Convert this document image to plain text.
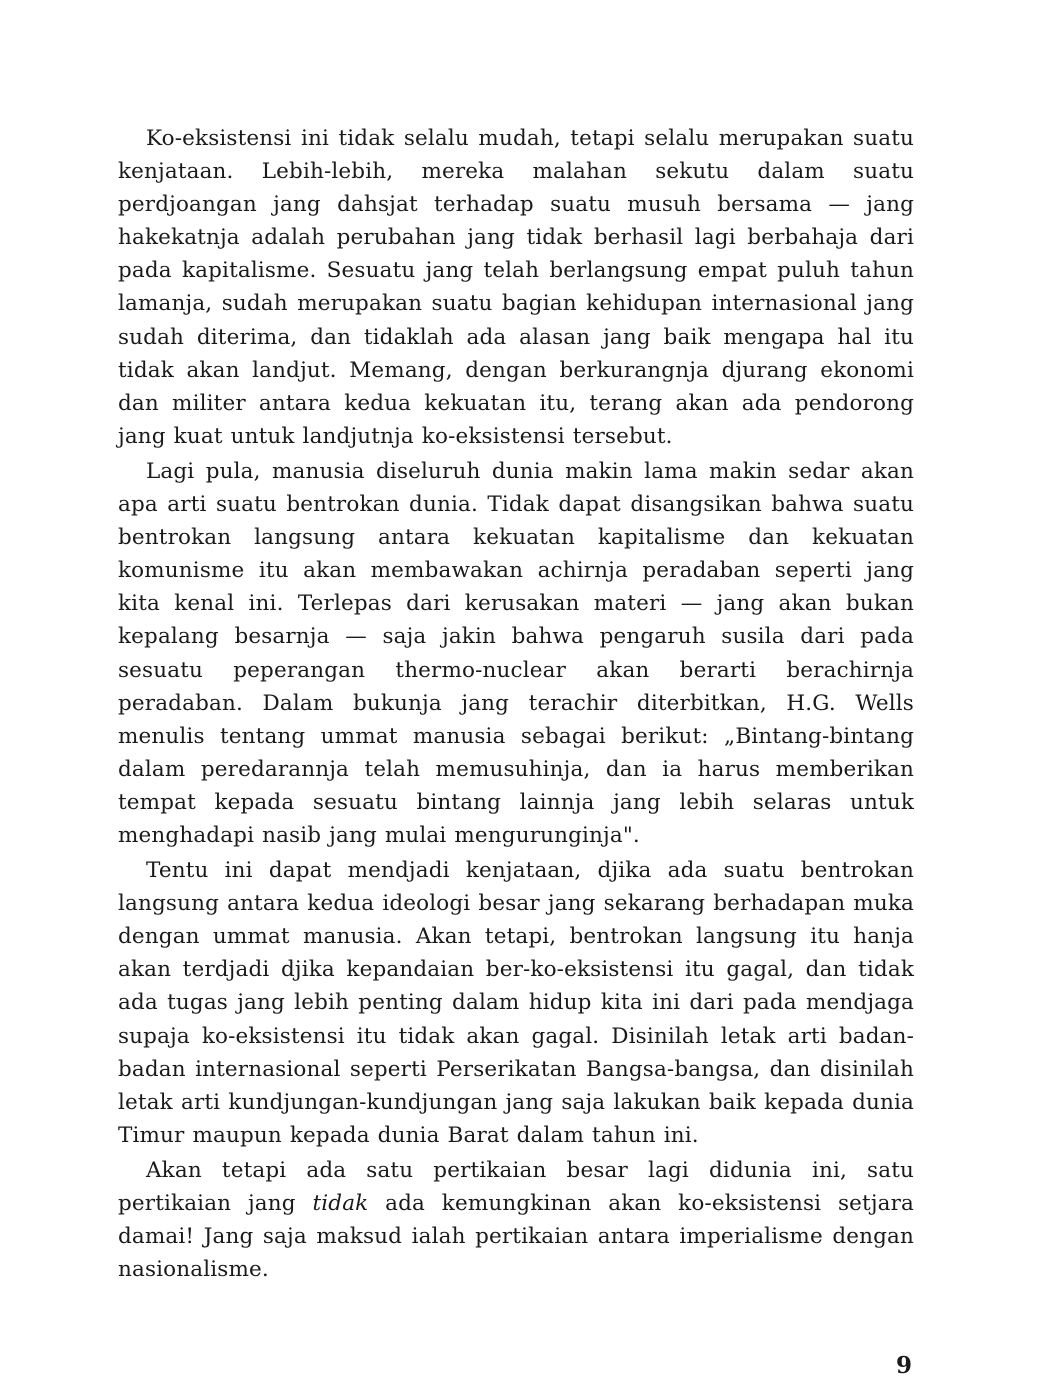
Ko-eksistensi ini tidak selalu mudah, tetapi selalu merupakan suatu kenjataan. Lebih-lebih, mereka malahan sekutu dalam suatu perdjoangan jang dahsjat terhadap suatu musuh bersama — jang hakekatnja adalah perubahan jang tidak berhasil lagi berbahaja dari pada kapitalisme. Sesuatu jang telah berlangsung empat puluh tahun lamanja, sudah merupakan suatu bagian kehidupan internasional jang sudah diterima, dan tidaklah ada alasan jang baik mengapa hal itu tidak akan landjut. Memang, dengan berkurangnja djurang ekonomi dan militer antara kedua kekuatan itu, terang akan ada pendorong jang kuat untuk landjutnja ko-eksistensi tersebut.

Lagi pula, manusia diseluruh dunia makin lama makin sedar akan apa arti suatu bentrokan dunia. Tidak dapat disangsikan bahwa suatu bentrokan langsung antara kekuatan kapitalisme dan kekuatan komunisme itu akan membawakan achirnja peradaban seperti jang kita kenal ini. Terlepas dari kerusakan materi — jang akan bukan kepalang besarnja — saja jakin bahwa pengaruh susila dari pada sesuatu peperangan thermo-nuclear akan berarti berachirnja peradaban. Dalam bukunja jang terachir diterbitkan, H.G. Wells menulis tentang ummat manusia sebagai berikut: „Bintang-bintang dalam peredarannja telah memusuhinja, dan ia harus memberikan tempat kepada sesuatu bintang lainnja jang lebih selaras untuk menghadapi nasib jang mulai mengurunginja".

Tentu ini dapat mendjadi kenjataan, djika ada suatu bentrokan langsung antara kedua ideologi besar jang sekarang berhadapan muka dengan ummat manusia. Akan tetapi, bentrokan langsung itu hanja akan terdjadi djika kepandaian ber-ko-eksistensi itu gagal, dan tidak ada tugas jang lebih penting dalam hidup kita ini dari pada mendjaga supaja ko-eksistensi itu tidak akan gagal. Disinilah letak arti badan-badan internasional seperti Perserikatan Bangsa-bangsa, dan disinilah letak arti kundjungan-kundjungan jang saja lakukan baik kepada dunia Timur maupun kepada dunia Barat dalam tahun ini.

Akan tetapi ada satu pertikaian besar lagi didunia ini, satu pertikaian jang tidak ada kemungkinan akan ko-eksistensi setjara damai! Jang saja maksud ialah pertikaian antara imperialisme dengan nasionalisme.

9
